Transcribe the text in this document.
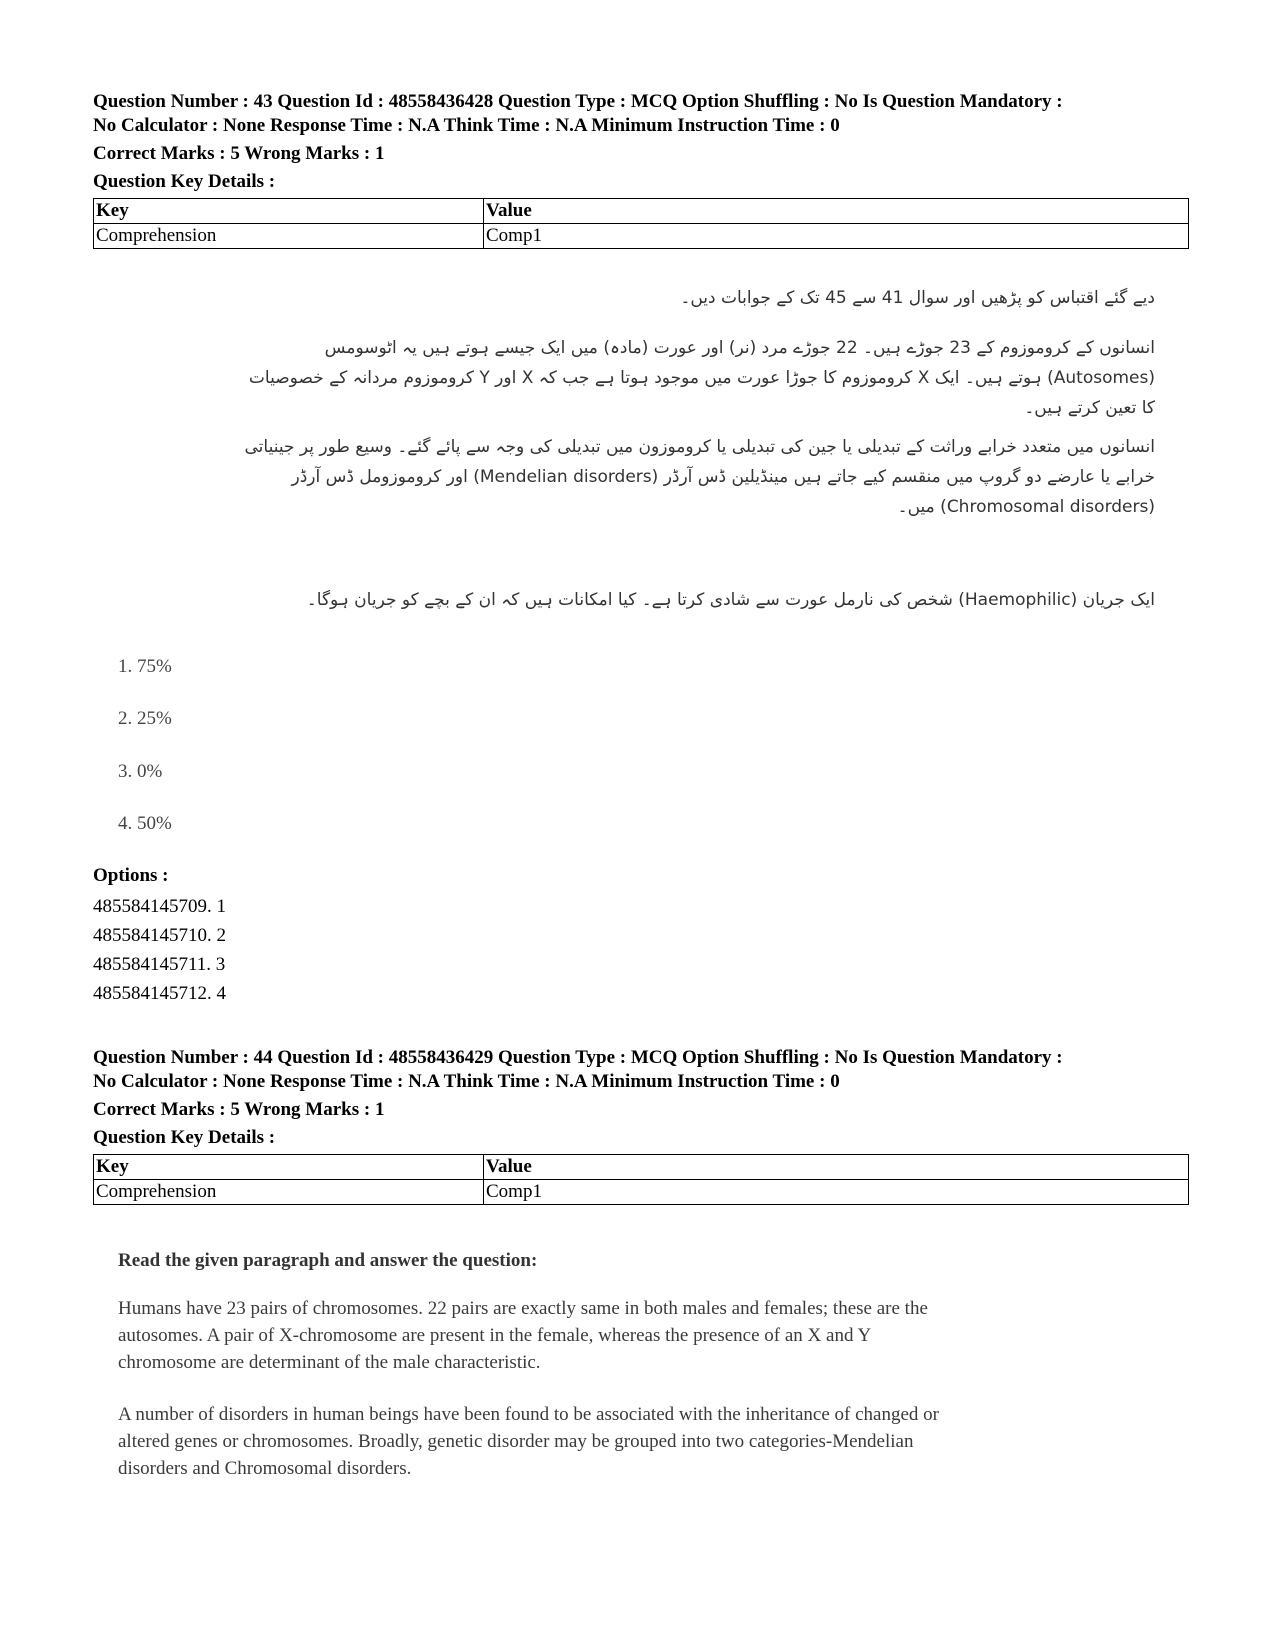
Question Number : 43 Question Id : 48558436428 Question Type : MCQ Option Shuffling : No Is Question Mandatory :

No Calculator : None Response Time : N.A Think Time : N.A Minimum Instruction Time : 0

Correct Marks : 5 Wrong Marks : 1

Question Key Details :

Key	Value
Comprehension	Comp1
دیے گئے اقتباس کو پڑھیں اور سوال 41 سے 45 تک کے جوابات دیں۔
انسانوں کے کروموزوم کے 23 جوڑے ہیں۔ 22 جوڑے مرد (نر) اور عورت (مادہ) میں ایک جیسے ہوتے ہیں یہ اٹوسومس
(Autosomes) ہوتے ہیں۔ ایک X کروموزوم کا جوڑا عورت میں موجود ہوتا ہے جب کہ X اور Y کروموزوم مردانہ کے خصوصیات
کا تعین کرتے ہیں۔
انسانوں میں متعدد خرابے وراثت کے تبدیلی یا جین کی تبدیلی یا کروموزون میں تبدیلی کی وجہ سے پائے گئے۔ وسیع طور پر جینیاتی
خرابے یا عارضے دو گروپ میں منقسم کیے جاتے ہیں مینڈیلین ڈس آرڈر (Mendelian disorders) اور کروموزومل ڈس آرڈر
(Chromosomal disorders) میں۔
ایک جریان (Haemophilic) شخص کی نارمل عورت سے شادی کرتا ہے۔ کیا امکانات ہیں کہ ان کے بچے کو جریان ہوگا۔
1. 75%
2. 25%
3. 0%
4. 50%
Options :
485584145709. 1
485584145710. 2
485584145711. 3
485584145712. 4

Question Number : 44 Question Id : 48558436429 Question Type : MCQ Option Shuffling : No Is Question Mandatory :

No Calculator : None Response Time : N.A Think Time : N.A Minimum Instruction Time : 0

Correct Marks : 5 Wrong Marks : 1

Question Key Details :

Key	Value
Comprehension	Comp1
Read the given paragraph and answer the question:
Humans have 23 pairs of chromosomes. 22 pairs are exactly same in both males and females; these are the
autosomes. A pair of X-chromosome are present in the female, whereas the presence of an X and Y
chromosome are determinant of the male characteristic.
A number of disorders in human beings have been found to be associated with the inheritance of changed or
altered genes or chromosomes. Broadly, genetic disorder may be grouped into two categories-Mendelian
disorders and Chromosomal disorders.
